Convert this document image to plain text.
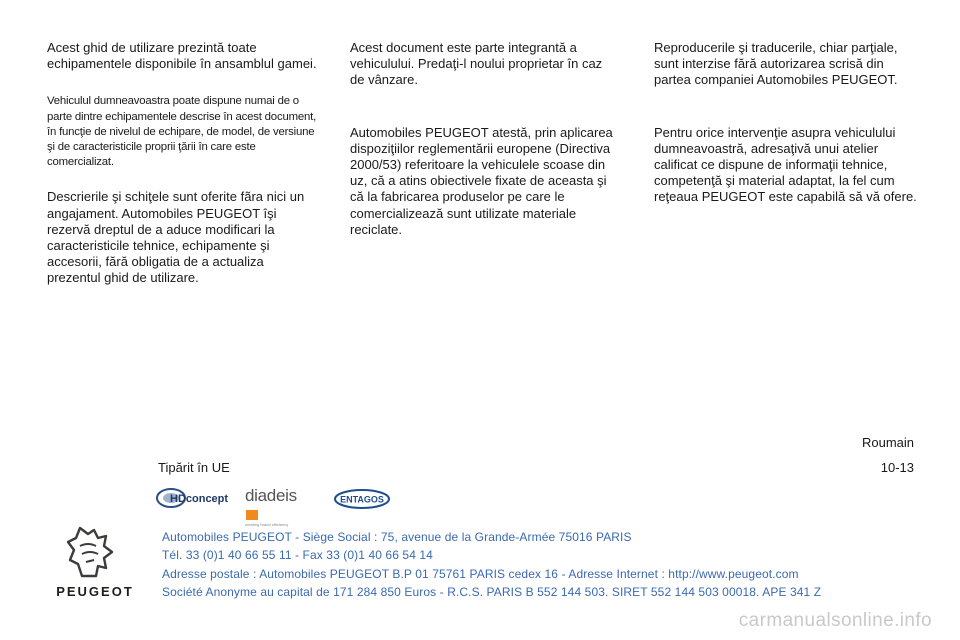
Acest ghid de utilizare prezintă toate echipamentele disponibile în ansamblul gamei.

Vehiculul dumneavoastra poate dispune numai de o parte dintre echipamentele descrise în acest document, în funcţie de nivelul de echipare, de model, de versiune şi de caracteristicile proprii ţării în care este comercializat.

Descrierile şi schiţele sunt oferite fãra nici un angajament. Automobiles PEUGEOT îşi rezervă dreptul de a aduce modificari la caracteristicile tehnice, echipamente şi accesorii, fără obligatia de a actualiza prezentul ghid de utilizare.

Acest document este parte integrantă a vehiculului. Predaţi-l noului proprietar în caz de vânzare.

Automobiles PEUGEOT atestă, prin aplicarea dispoziţiilor reglementării europene (Directiva 2000/53) referitoare la vehiculele scoase din uz, că a atins obiectivele fixate de aceasta şi că la fabricarea produselor pe care le comercializează sunt utilizate materiale reciclate.

Reproducerile şi traducerile, chiar parţiale, sunt interzise fără autorizarea scrisă din partea companiei Automobiles PEUGEOT.

Pentru orice intervenţie asupra vehiculului dumneavoastră, adresaţivă unui atelier calificat ce dispune de informaţii tehnice, competenţă şi material adaptat, la fel cum reţeaua PEUGEOT este capabilă să vă ofere.

Roumain
Tipărit în UE	10-13
HDconcept diadeis
creating brand efficiency
ENTAGOS
PEUGEOT
Automobiles PEUGEOT - Siège Social : 75, avenue de la Grande-Armée 75016 PARIS
Tél. 33 (0)1 40 66 55 11 - Fax 33 (0)1 40 66 54 14
Adresse postale : Automobiles PEUGEOT B.P 01 75761 PARIS cedex 16 - Adresse Internet : http://www.peugeot.com
Société Anonyme au capital de 171 284 850 Euros - R.C.S. PARIS B 552 144 503. SIRET 552 144 503 00018. APE 341 Z
carmanualsonline.info
